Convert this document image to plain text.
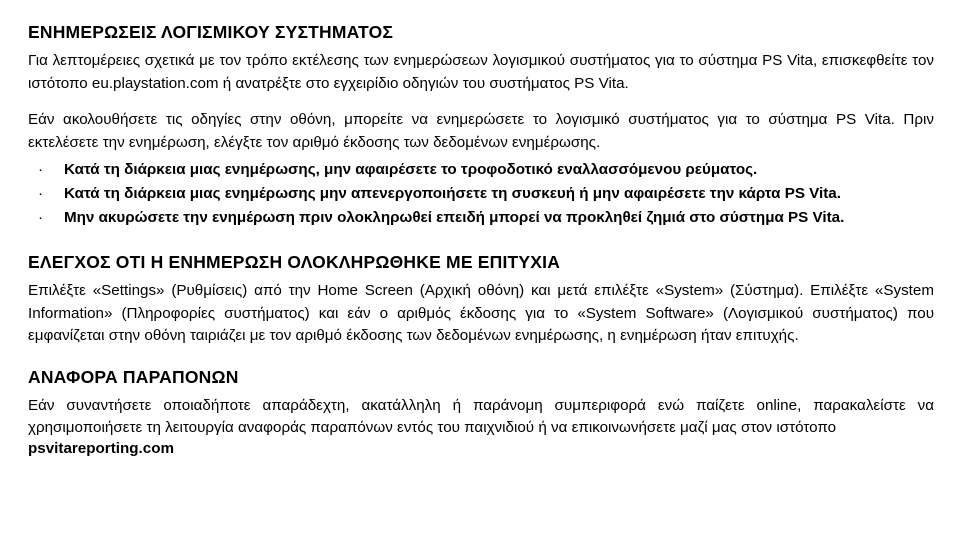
ΕΝΗΜΕΡΩΣΕΙΣ ΛΟΓΙΣΜΙΚΟΥ ΣΥΣΤΗΜΑΤΟΣ

Για λεπτομέρειες σχετικά με τον τρόπο εκτέλεσης των ενημερώσεων λογισμικού συστήματος για το σύστημα PS Vita, επισκεφθείτε τον ιστότοπο eu.playstation.com ή ανατρέξτε στο εγχειρίδιο οδηγιών του συστήματος PS Vita.

Εάν ακολουθήσετε τις οδηγίες στην οθόνη, μπορείτε να ενημερώσετε το λογισμικό συστήματος για το σύστημα PS Vita. Πριν εκτελέσετε την ενημέρωση, ελέγξτε τον αριθμό έκδοσης των δεδομένων ενημέρωσης.

· Κατά τη διάρκεια μιας ενημέρωσης, μην αφαιρέσετε το τροφοδοτικό εναλλασσόμενου ρεύματος.
· Κατά τη διάρκεια μιας ενημέρωσης μην απενεργοποιήσετε τη συσκευή ή μην αφαιρέσετε την κάρτα PS Vita.
· Μην ακυρώσετε την ενημέρωση πριν ολοκληρωθεί επειδή μπορεί να προκληθεί ζημιά στο σύστημα PS Vita.
ΕΛΕΓΧΟΣ ΟΤΙ Η ΕΝΗΜΕΡΩΣΗ ΟΛΟΚΛΗΡΩΘΗΚΕ ΜΕ ΕΠΙΤΥΧΙΑ

Επιλέξτε «Settings» (Ρυθμίσεις) από την Home Screen (Αρχική οθόνη) και μετά επιλέξτε «System» (Σύστημα). Επιλέξτε «System Information» (Πληροφορίες συστήματος) και εάν ο αριθμός έκδοσης για το «System Software» (Λογισμικού συστήματος) που εμφανίζεται στην οθόνη ταιριάζει με τον αριθμό έκδοσης των δεδομένων ενημέρωσης, η ενημέρωση ήταν επιτυχής.

ΑΝΑΦΟΡΑ ΠΑΡΑΠΟΝΩΝ

Εάν συναντήσετε οποιαδήποτε απαράδεχτη, ακατάλληλη ή παράνομη συμπεριφορά ενώ παίζετε online, παρακαλείστε να χρησιμοποιήσετε τη λειτουργία αναφοράς παραπόνων εντός του παιχνιδιού ή να επικοινωνήσετε μαζί μας στον ιστότοπο

psvitareporting.com
